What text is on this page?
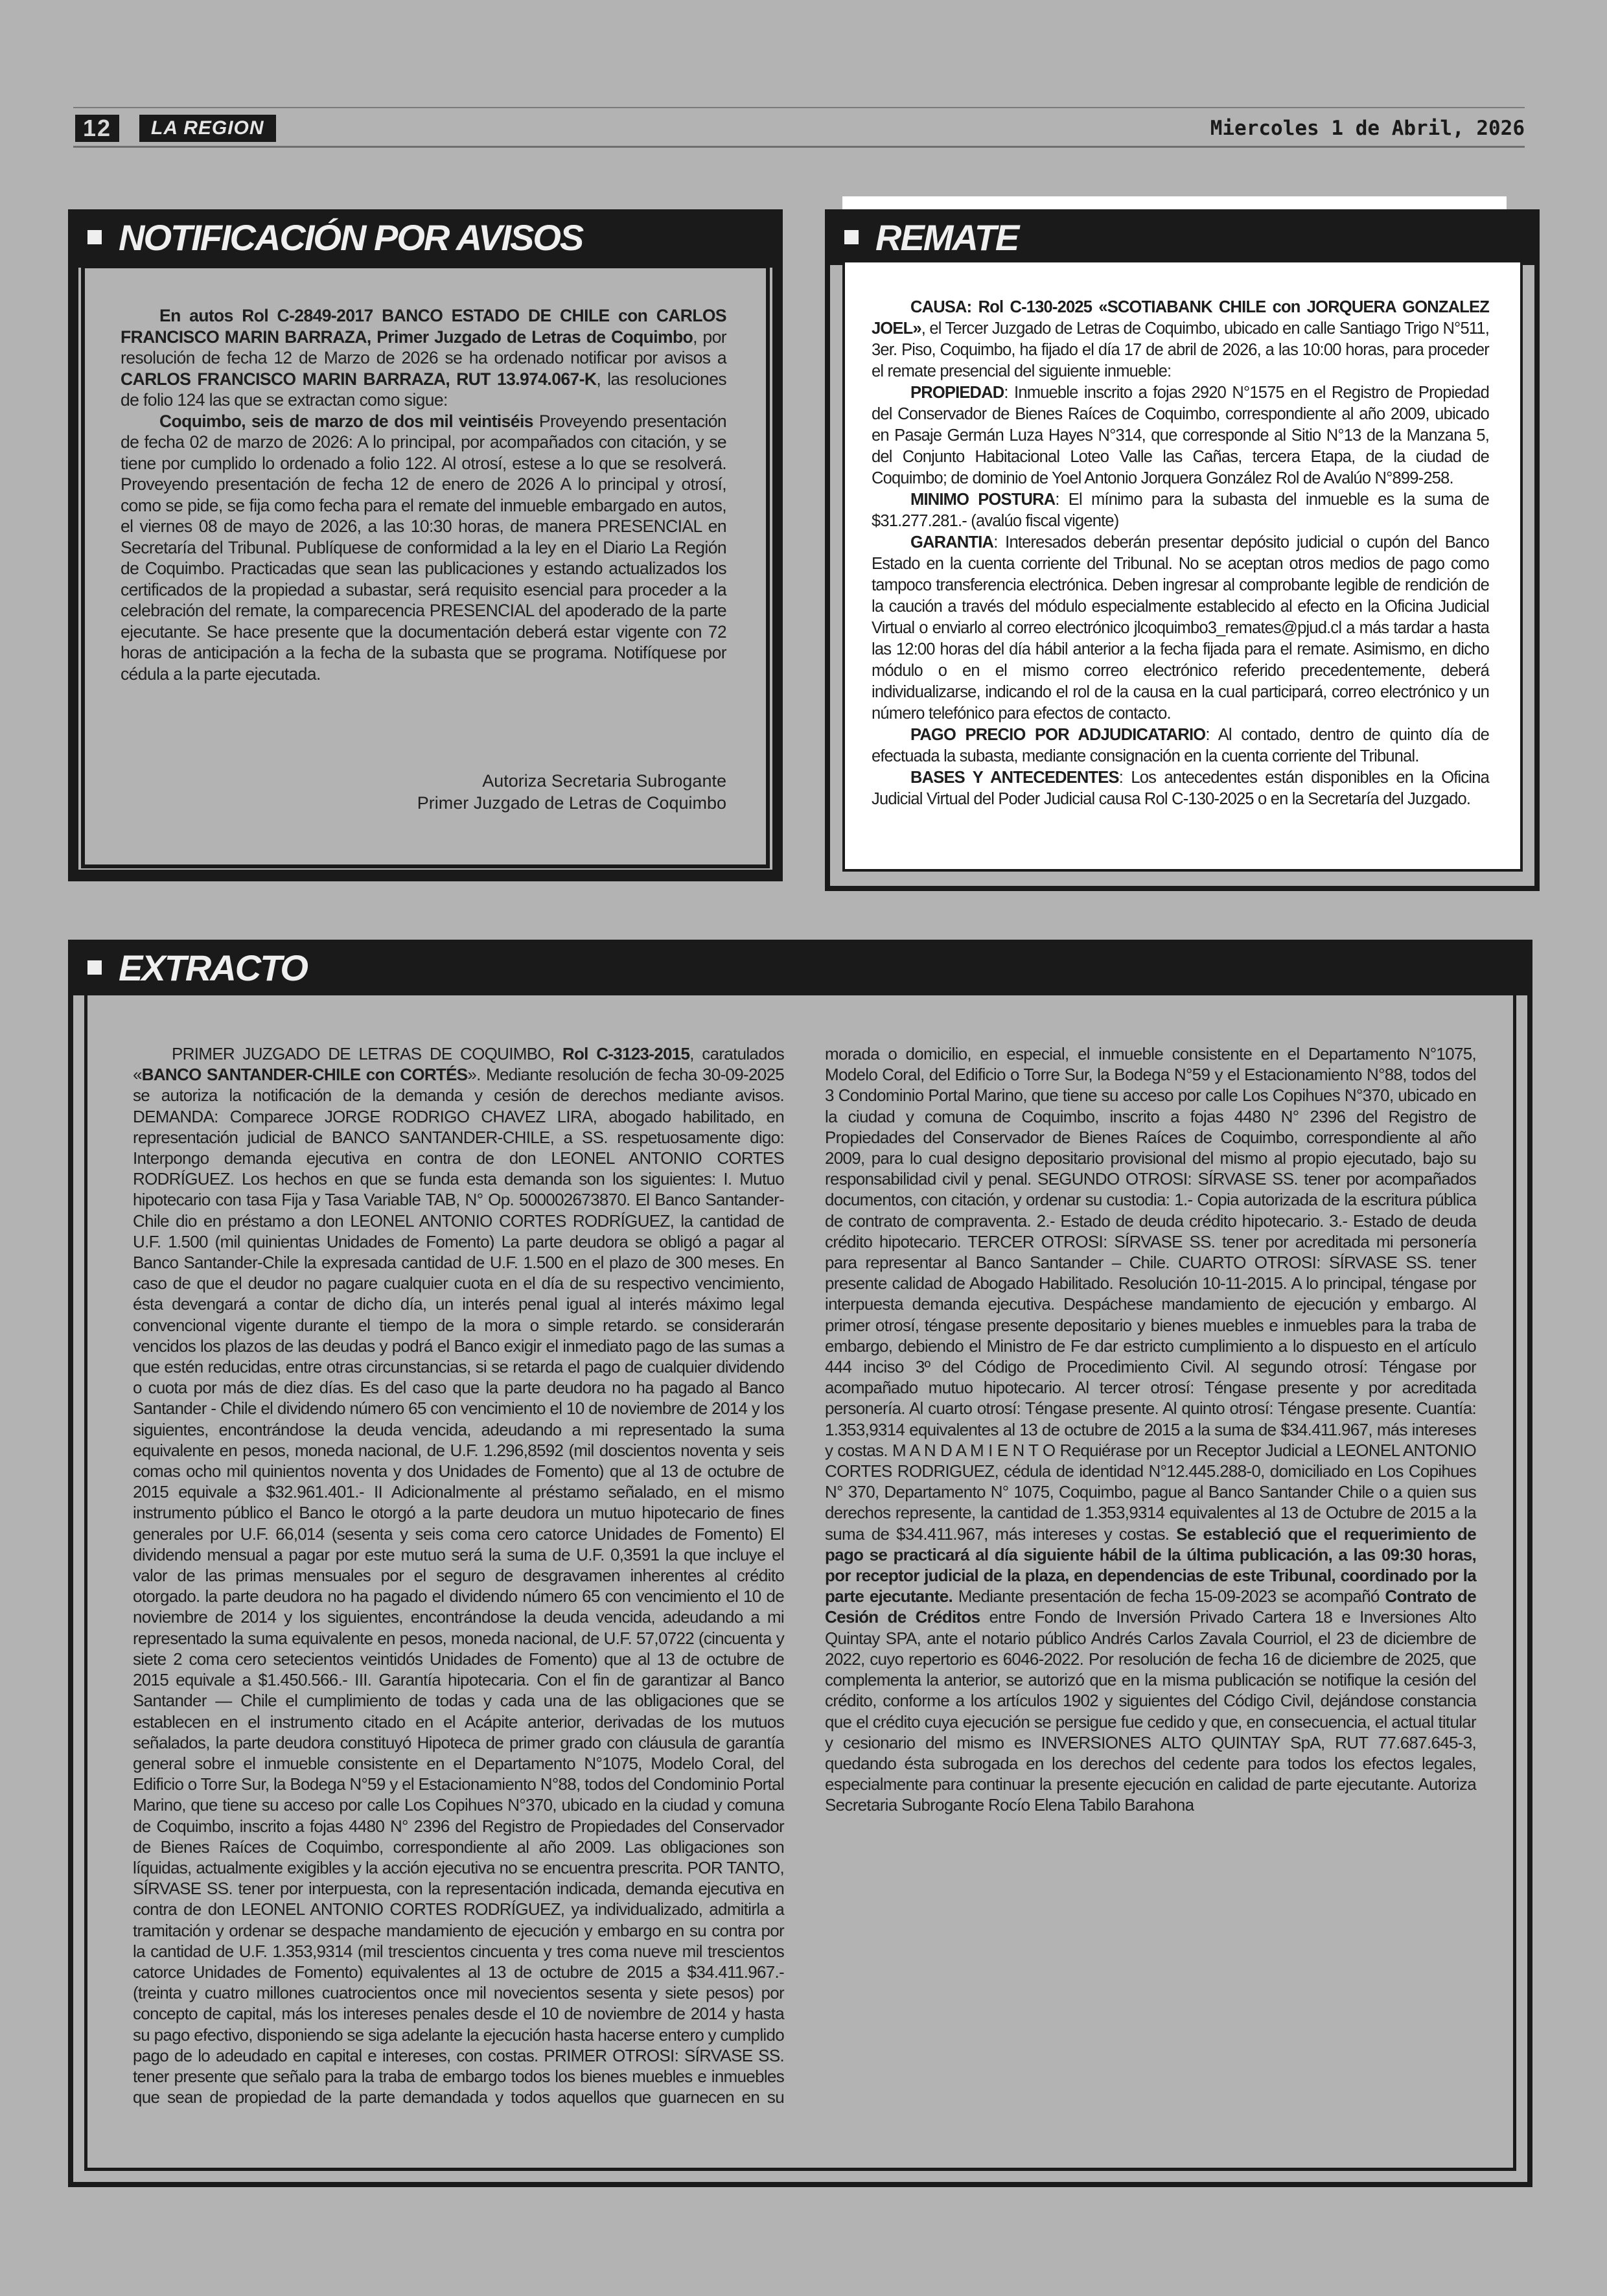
12	LA REGION	Miercoles 1 de Abril, 2026
NOTIFICACIÓN POR AVISOS

En autos Rol C-2849-2017 BANCO ESTADO DE CHILE con CARLOS FRANCISCO MARIN BARRAZA, Primer Juzgado de Letras de Coquimbo, por resolución de fecha 12 de Marzo de 2026 se ha ordenado notificar por avisos a CARLOS FRANCISCO MARIN BARRAZA, RUT 13.974.067-K, las resoluciones de folio 124 las que se extractan como sigue:

Coquimbo, seis de marzo de dos mil veintiséis Proveyendo presentación de fecha 02 de marzo de 2026: A lo principal, por acompañados con citación, y se tiene por cumplido lo ordenado a folio 122. Al otrosí, estese a lo que se resolverá. Proveyendo presentación de fecha 12 de enero de 2026 A lo principal y otrosí, como se pide, se fija como fecha para el remate del inmueble embargado en autos, el viernes 08 de mayo de 2026, a las 10:30 horas, de manera PRESENCIAL en Secretaría del Tribunal. Publíquese de conformidad a la ley en el Diario La Región de Coquimbo. Practicadas que sean las publicaciones y estando actualizados los certificados de la propiedad a subastar, será requisito esencial para proceder a la celebración del remate, la comparecencia PRESENCIAL del apoderado de la parte ejecutante. Se hace presente que la documentación deberá estar vigente con 72 horas de anticipación a la fecha de la subasta que se programa. Notifíquese por cédula a la parte ejecutada.

Autoriza Secretaria Subrogante
Primer Juzgado de Letras de Coquimbo
REMATE

CAUSA: Rol C-130-2025 «SCOTIABANK CHILE con JORQUERA GONZALEZ JOEL», el Tercer Juzgado de Letras de Coquimbo, ubicado en calle Santiago Trigo N°511, 3er. Piso, Coquimbo, ha fijado el día 17 de abril de 2026, a las 10:00 horas, para proceder el remate presencial del siguiente inmueble:

PROPIEDAD: Inmueble inscrito a fojas 2920 N°1575 en el Registro de Propiedad del Conservador de Bienes Raíces de Coquimbo, correspondiente al año 2009, ubicado en Pasaje Germán Luza Hayes N°314, que corresponde al Sitio N°13 de la Manzana 5, del Conjunto Habitacional Loteo Valle las Cañas, tercera Etapa, de la ciudad de Coquimbo; de dominio de Yoel Antonio Jorquera González Rol de Avalúo N°899-258.

MINIMO POSTURA: El mínimo para la subasta del inmueble es la suma de $31.277.281.- (avalúo fiscal vigente)

GARANTIA: Interesados deberán presentar depósito judicial o cupón del Banco Estado en la cuenta corriente del Tribunal. No se aceptan otros medios de pago como tampoco transferencia electrónica. Deben ingresar al comprobante legible de rendición de la caución a través del módulo especialmente establecido al efecto en la Oficina Judicial Virtual o enviarlo al correo electrónico jlcoquimbo3_remates@pjud.cl a más tardar a hasta las 12:00 horas del día hábil anterior a la fecha fijada para el remate. Asimismo, en dicho módulo o en el mismo correo electrónico referido precedentemente, deberá individualizarse, indicando el rol de la causa en la cual participará, correo electrónico y un número telefónico para efectos de contacto.

PAGO PRECIO POR ADJUDICATARIO: Al contado, dentro de quinto día de efectuada la subasta, mediante consignación en la cuenta corriente del Tribunal.

BASES Y ANTECEDENTES: Los antecedentes están disponibles en la Oficina Judicial Virtual del Poder Judicial causa Rol C-130-2025 o en la Secretaría del Juzgado.

EXTRACTO

PRIMER JUZGADO DE LETRAS DE COQUIMBO, Rol C-3123-2015, caratulados «BANCO SANTANDER-CHILE con CORTÉS». Mediante resolución de fecha 30-09-2025 se autoriza la notificación de la demanda y cesión de derechos mediante avisos. DEMANDA: Comparece JORGE RODRIGO CHAVEZ LIRA, abogado habilitado, en representación judicial de BANCO SANTANDER-CHILE, a SS. respetuosamente digo: Interpongo demanda ejecutiva en contra de don LEONEL ANTONIO CORTES RODRÍGUEZ. Los hechos en que se funda esta demanda son los siguientes: I. Mutuo hipotecario con tasa Fija y Tasa Variable TAB, N° Op. 500002673870. El Banco Santander-Chile dio en préstamo a don LEONEL ANTONIO CORTES RODRÍGUEZ, la cantidad de U.F. 1.500 (mil quinientas Unidades de Fomento) La parte deudora se obligó a pagar al Banco Santander-Chile la expresada cantidad de U.F. 1.500 en el plazo de 300 meses. En caso de que el deudor no pagare cualquier cuota en el día de su respectivo vencimiento, ésta devengará a contar de dicho día, un interés penal igual al interés máximo legal convencional vigente durante el tiempo de la mora o simple retardo. se considerarán vencidos los plazos de las deudas y podrá el Banco exigir el inmediato pago de las sumas a que estén reducidas, entre otras circunstancias, si se retarda el pago de cualquier dividendo o cuota por más de diez días. Es del caso que la parte deudora no ha pagado al Banco Santander - Chile el dividendo número 65 con vencimiento el 10 de noviembre de 2014 y los siguientes, encontrándose la deuda vencida, adeudando a mi representado la suma equivalente en pesos, moneda nacional, de U.F. 1.296,8592 (mil doscientos noventa y seis comas ocho mil quinientos noventa y dos Unidades de Fomento) que al 13 de octubre de 2015 equivale a $32.961.401.- II Adicionalmente al préstamo señalado, en el mismo instrumento público el Banco le otorgó a la parte deudora un mutuo hipotecario de fines generales por U.F. 66,014 (sesenta y seis coma cero catorce Unidades de Fomento) El dividendo mensual a pagar por este mutuo será la suma de U.F. 0,3591 la que incluye el valor de las primas mensuales por el seguro de desgravamen inherentes al crédito otorgado. la parte deudora no ha pagado el dividendo número 65 con vencimiento el 10 de noviembre de 2014 y los siguientes, encontrándose la deuda vencida, adeudando a mi representado la suma equivalente en pesos, moneda nacional, de U.F. 57,0722 (cincuenta y siete 2 coma cero setecientos veintidós Unidades de Fomento) que al 13 de octubre de 2015 equivale a $1.450.566.- III. Garantía hipotecaria. Con el fin de garantizar al Banco Santander — Chile el cumplimiento de todas y cada una de las obligaciones que se establecen en el instrumento citado en el Acápite anterior, derivadas de los mutuos señalados, la parte deudora constituyó Hipoteca de primer grado con cláusula de garantía general sobre el inmueble consistente en el Departamento N°1075, Modelo Coral, del Edificio o Torre Sur, la Bodega N°59 y el Estacionamiento N°88, todos del Condominio Portal Marino, que tiene su acceso por calle Los Copihues N°370, ubicado en la ciudad y comuna de Coquimbo, inscrito a fojas 4480 N° 2396 del Registro de Propiedades del Conservador de Bienes Raíces de Coquimbo, correspondiente al año 2009. Las obligaciones son líquidas, actualmente exigibles y la acción ejecutiva no se encuentra prescrita. POR TANTO, SÍRVASE SS. tener por interpuesta, con la representación indicada, demanda ejecutiva en contra de don LEONEL ANTONIO CORTES RODRÍGUEZ, ya individualizado, admitirla a tramitación y ordenar se despache mandamiento de ejecución y embargo en su contra por la cantidad de U.F. 1.353,9314 (mil trescientos cincuenta y tres coma nueve mil trescientos catorce Unidades de Fomento) equivalentes al 13 de octubre de 2015 a $34.411.967.- (treinta y cuatro millones cuatrocientos once mil novecientos sesenta y siete pesos) por concepto de capital, más los intereses penales desde el 10 de noviembre de 2014 y hasta su pago efectivo, disponiendo se siga adelante la ejecución hasta hacerse entero y cumplido pago de lo adeudado en capital e intereses, con costas. PRIMER OTROSI: SÍRVASE SS. tener presente que señalo para la traba de embargo todos los bienes muebles e inmuebles que sean de propiedad de la parte demandada y todos aquellos que guarnecen en su morada o domicilio, en especial, el inmueble consistente en el Departamento N°1075, Modelo Coral, del Edificio o Torre Sur, la Bodega N°59 y el Estacionamiento N°88, todos del 3 Condominio Portal Marino, que tiene su acceso por calle Los Copihues N°370, ubicado en la ciudad y comuna de Coquimbo, inscrito a fojas 4480 N° 2396 del Registro de Propiedades del Conservador de Bienes Raíces de Coquimbo, correspondiente al año 2009, para lo cual designo depositario provisional del mismo al propio ejecutado, bajo su responsabilidad civil y penal. SEGUNDO OTROSI: SÍRVASE SS. tener por acompañados documentos, con citación, y ordenar su custodia: 1.- Copia autorizada de la escritura pública de contrato de compraventa. 2.- Estado de deuda crédito hipotecario. 3.- Estado de deuda crédito hipotecario. TERCER OTROSI: SÍRVASE SS. tener por acreditada mi personería para representar al Banco Santander – Chile. CUARTO OTROSI: SÍRVASE SS. tener presente calidad de Abogado Habilitado. Resolución 10-11-2015. A lo principal, téngase por interpuesta demanda ejecutiva. Despáchese mandamiento de ejecución y embargo. Al primer otrosí, téngase presente depositario y bienes muebles e inmuebles para la traba de embargo, debiendo el Ministro de Fe dar estricto cumplimiento a lo dispuesto en el artículo 444 inciso 3º del Código de Procedimiento Civil. Al segundo otrosí: Téngase por acompañado mutuo hipotecario. Al tercer otrosí: Téngase presente y por acreditada personería. Al cuarto otrosí: Téngase presente. Al quinto otrosí: Téngase presente. Cuantía: 1.353,9314 equivalentes al 13 de octubre de 2015 a la suma de $34.411.967, más intereses y costas. M A N D A M I E N T O Requiérase por un Receptor Judicial a LEONEL ANTONIO CORTES RODRIGUEZ, cédula de identidad N°12.445.288-0, domiciliado en Los Copihues N° 370, Departamento N° 1075, Coquimbo, pague al Banco Santander Chile o a quien sus derechos represente, la cantidad de 1.353,9314 equivalentes al 13 de Octubre de 2015 a la suma de $34.411.967, más intereses y costas. Se estableció que el requerimiento de pago se practicará al día siguiente hábil de la última publicación, a las 09:30 horas, por receptor judicial de la plaza, en dependencias de este Tribunal, coordinado por la parte ejecutante. Mediante presentación de fecha 15-09-2023 se acompañó Contrato de Cesión de Créditos entre Fondo de Inversión Privado Cartera 18 e Inversiones Alto Quintay SPA, ante el notario público Andrés Carlos Zavala Courriol, el 23 de diciembre de 2022, cuyo repertorio es 6046-2022. Por resolución de fecha 16 de diciembre de 2025, que complementa la anterior, se autorizó que en la misma publicación se notifique la cesión del crédito, conforme a los artículos 1902 y siguientes del Código Civil, dejándose constancia que el crédito cuya ejecución se persigue fue cedido y que, en consecuencia, el actual titular y cesionario del mismo es INVERSIONES ALTO QUINTAY SpA, RUT 77.687.645-3, quedando ésta subrogada en los derechos del cedente para todos los efectos legales, especialmente para continuar la presente ejecución en calidad de parte ejecutante. Autoriza Secretaria Subrogante Rocío Elena Tabilo Barahona
